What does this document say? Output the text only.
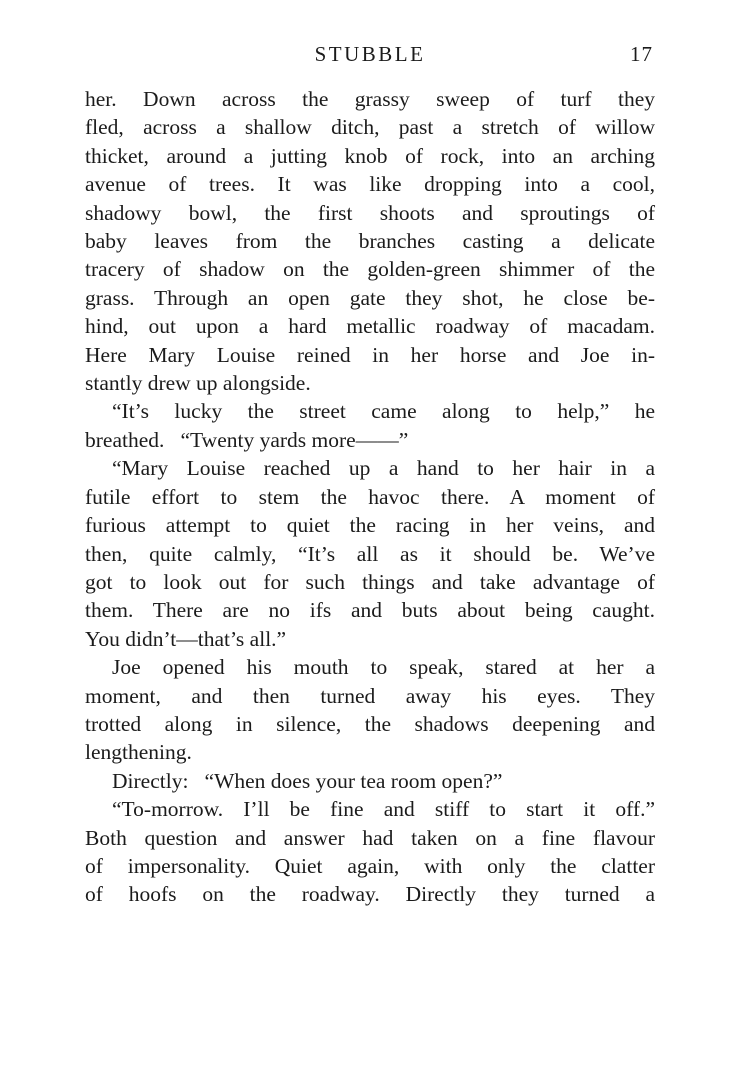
STUBBLE	17
her. Down across the grassy sweep of turf they
fled, across a shallow ditch, past a stretch of willow
thicket, around a jutting knob of rock, into an arching
avenue of trees. It was like dropping into a cool,
shadowy bowl, the first shoots and sproutings of
baby leaves from the branches casting a delicate
tracery of shadow on the golden-green shimmer of the
grass. Through an open gate they shot, he close be-
hind, out upon a hard metallic roadway of macadam.
Here Mary Louise reined in her horse and Joe in-
stantly drew up alongside.
“It’s lucky the street came along to help,” he
breathed.  “Twenty yards more——”
“Mary Louise reached up a hand to her hair in a
futile effort to stem the havoc there. A moment of
furious attempt to quiet the racing in her veins, and
then, quite calmly, “It’s all as it should be. We’ve
got to look out for such things and take advantage of
them. There are no ifs and buts about being caught.
You didn’t—that’s all.”
Joe opened his mouth to speak, stared at her a
moment, and then turned away his eyes. They
trotted along in silence, the shadows deepening and
lengthening.
Directly:  “When does your tea room open?”
“To-morrow. I’ll be fine and stiff to start it off.”
Both question and answer had taken on a fine flavour
of impersonality. Quiet again, with only the clatter
of hoofs on the roadway. Directly they turned a
